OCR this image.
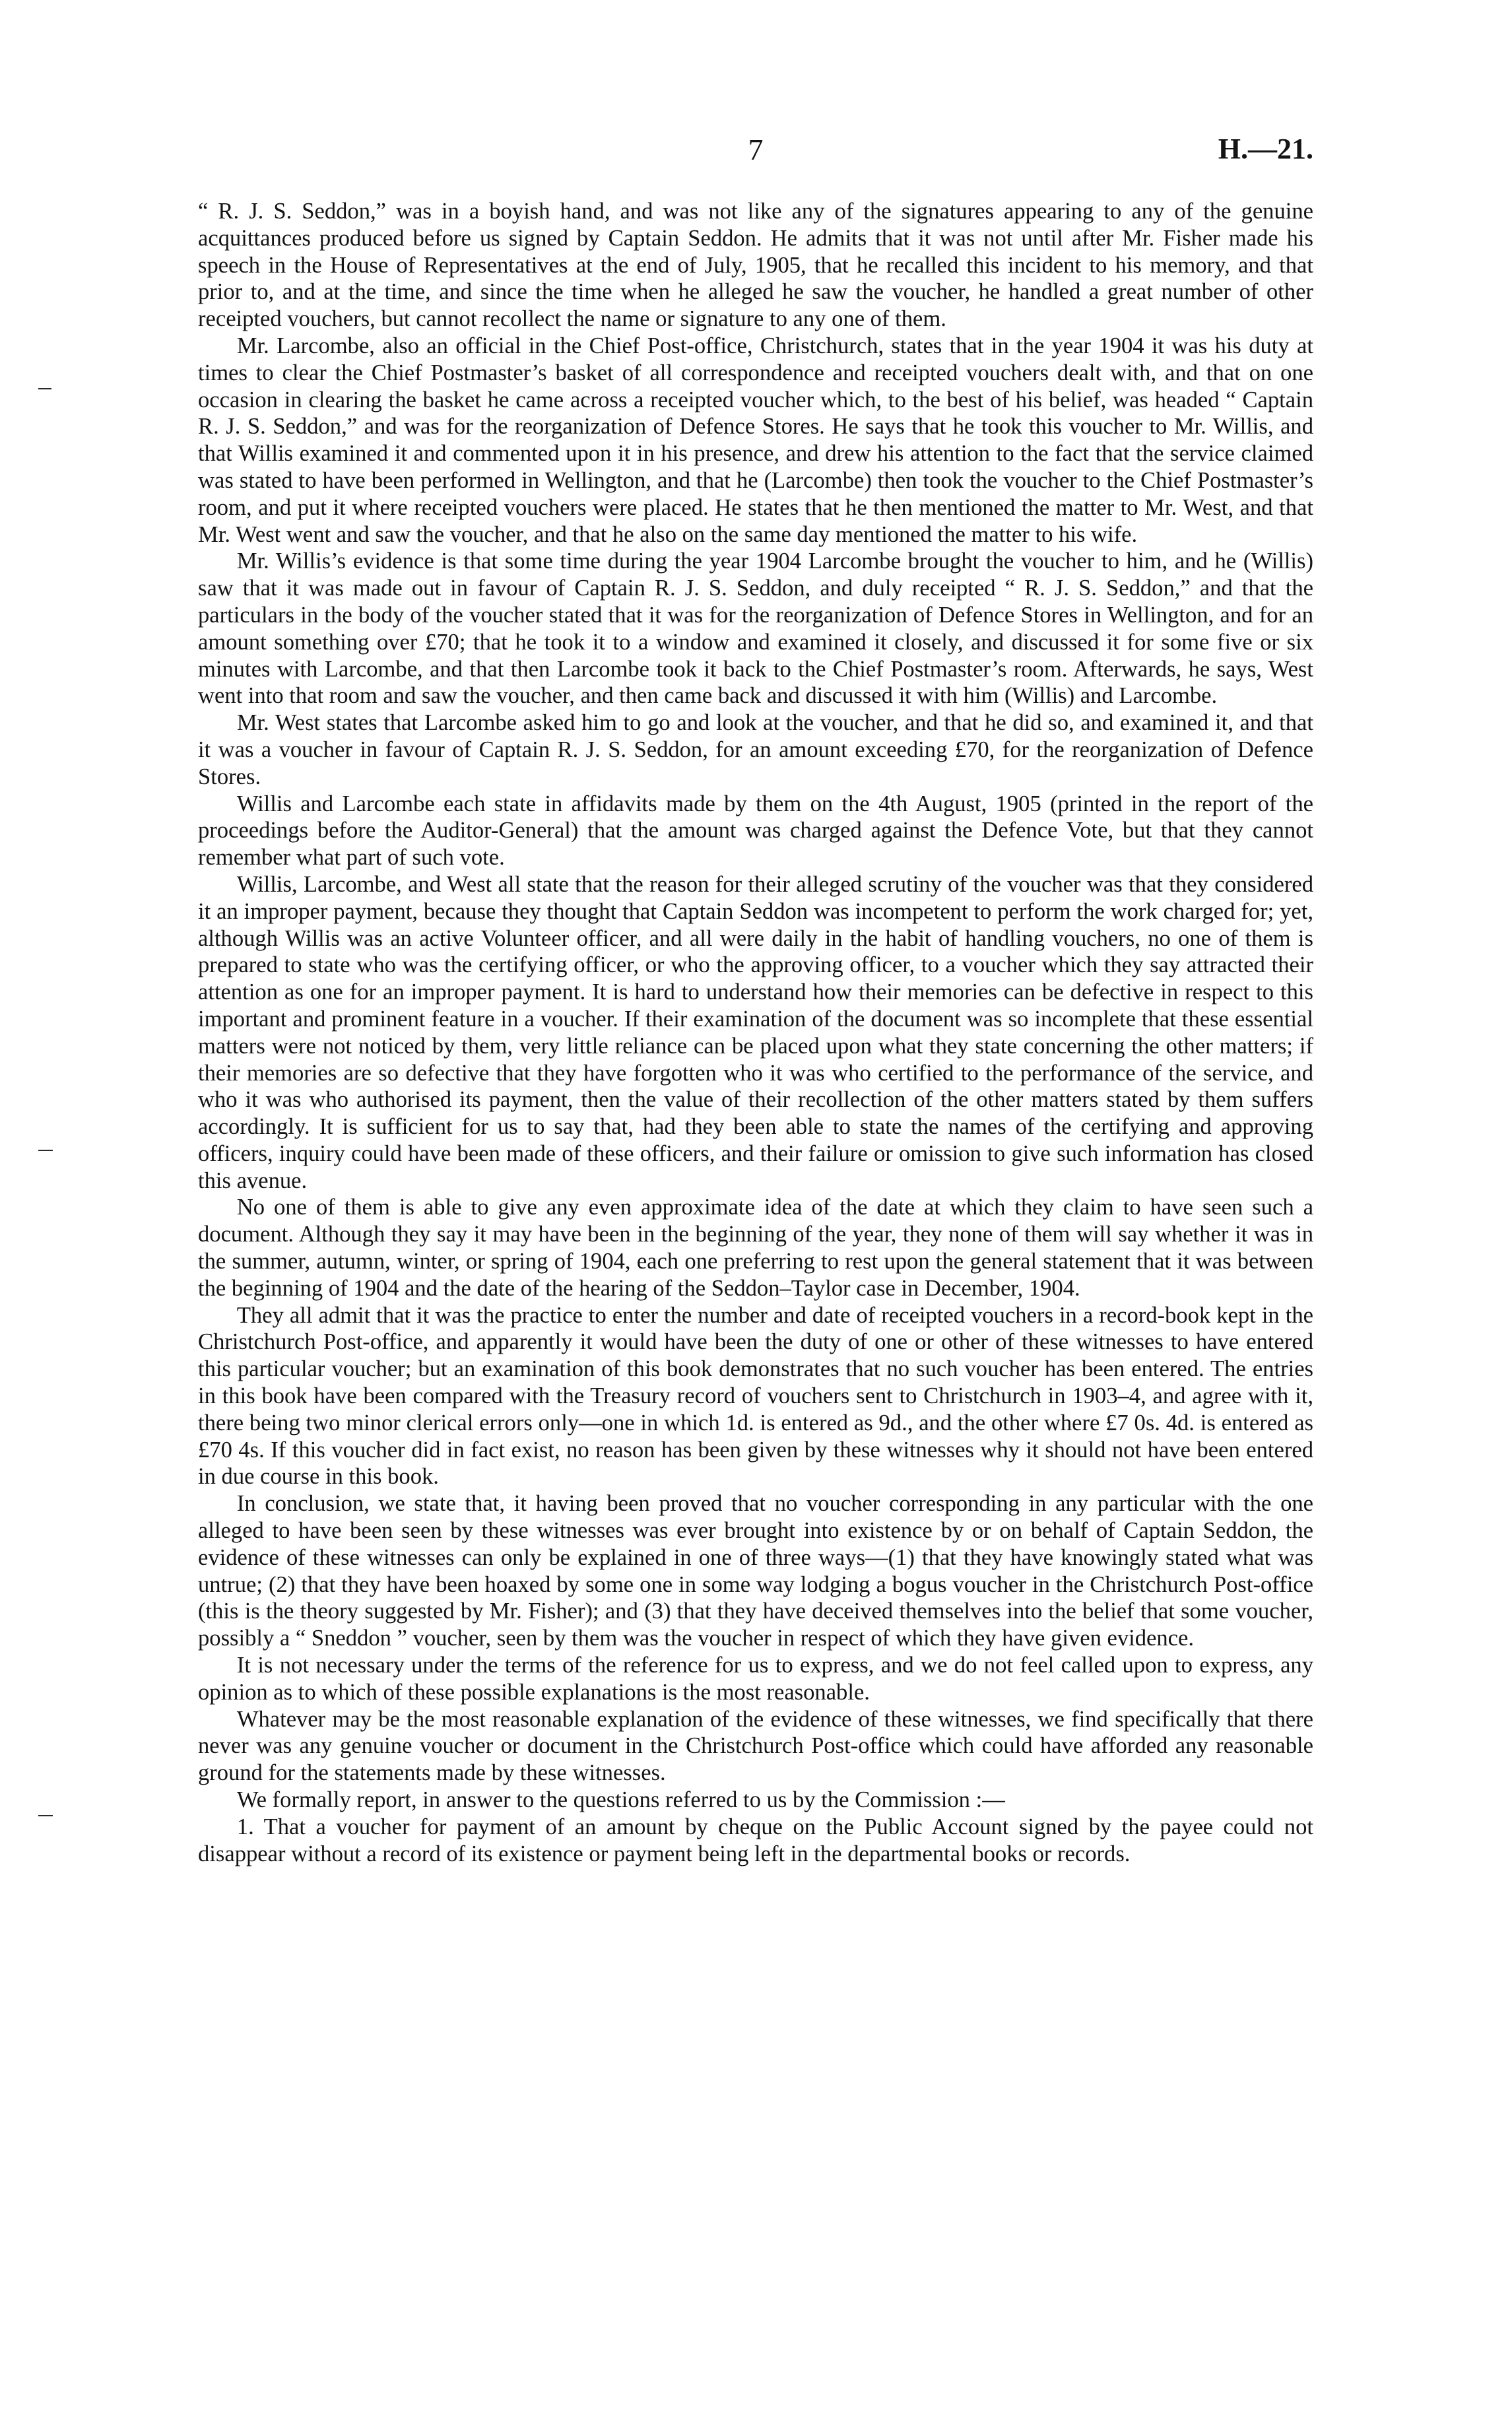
7	H.—21.

“ R. J. S. Seddon,” was in a boyish hand, and was not like any of the signatures appearing to any of the genuine acquittances produced before us signed by Captain Seddon. He admits that it was not until after Mr. Fisher made his speech in the House of Representatives at the end of July, 1905, that he recalled this incident to his memory, and that prior to, and at the time, and since the time when he alleged he saw the voucher, he handled a great number of other receipted vouchers, but cannot recollect the name or signature to any one of them.

Mr. Larcombe, also an official in the Chief Post-office, Christchurch, states that in the year 1904 it was his duty at times to clear the Chief Postmaster’s basket of all correspondence and receipted vouchers dealt with, and that on one occasion in clearing the basket he came across a receipted voucher which, to the best of his belief, was headed “ Captain R. J. S. Seddon,” and was for the reorganization of Defence Stores. He says that he took this voucher to Mr. Willis, and that Willis examined it and commented upon it in his presence, and drew his attention to the fact that the service claimed was stated to have been performed in Wellington, and that he (Larcombe) then took the voucher to the Chief Postmaster’s room, and put it where receipted vouchers were placed. He states that he then mentioned the matter to Mr. West, and that Mr. West went and saw the voucher, and that he also on the same day mentioned the matter to his wife.

Mr. Willis’s evidence is that some time during the year 1904 Larcombe brought the voucher to him, and he (Willis) saw that it was made out in favour of Captain R. J. S. Seddon, and duly receipted “ R. J. S. Seddon,” and that the particulars in the body of the voucher stated that it was for the reorganization of Defence Stores in Wellington, and for an amount something over £70; that he took it to a window and examined it closely, and discussed it for some five or six minutes with Larcombe, and that then Larcombe took it back to the Chief Postmaster’s room. Afterwards, he says, West went into that room and saw the voucher, and then came back and discussed it with him (Willis) and Larcombe.

Mr. West states that Larcombe asked him to go and look at the voucher, and that he did so, and examined it, and that it was a voucher in favour of Captain R. J. S. Seddon, for an amount exceeding £70, for the reorganization of Defence Stores.

Willis and Larcombe each state in affidavits made by them on the 4th August, 1905 (printed in the report of the proceedings before the Auditor-General) that the amount was charged against the Defence Vote, but that they cannot remember what part of such vote.

Willis, Larcombe, and West all state that the reason for their alleged scrutiny of the voucher was that they considered it an improper payment, because they thought that Captain Seddon was incompetent to perform the work charged for; yet, although Willis was an active Volunteer officer, and all were daily in the habit of handling vouchers, no one of them is prepared to state who was the certifying officer, or who the approving officer, to a voucher which they say attracted their attention as one for an improper payment. It is hard to understand how their memories can be defective in respect to this important and prominent feature in a voucher. If their examination of the document was so incomplete that these essential matters were not noticed by them, very little reliance can be placed upon what they state concerning the other matters; if their memories are so defective that they have forgotten who it was who certified to the performance of the service, and who it was who authorised its payment, then the value of their recollection of the other matters stated by them suffers accordingly. It is sufficient for us to say that, had they been able to state the names of the certifying and approving officers, inquiry could have been made of these officers, and their failure or omission to give such information has closed this avenue.

No one of them is able to give any even approximate idea of the date at which they claim to have seen such a document. Although they say it may have been in the beginning of the year, they none of them will say whether it was in the summer, autumn, winter, or spring of 1904, each one preferring to rest upon the general statement that it was between the beginning of 1904 and the date of the hearing of the Seddon–Taylor case in December, 1904.

They all admit that it was the practice to enter the number and date of receipted vouchers in a record-book kept in the Christchurch Post-office, and apparently it would have been the duty of one or other of these witnesses to have entered this particular voucher; but an examination of this book demonstrates that no such voucher has been entered. The entries in this book have been compared with the Treasury record of vouchers sent to Christchurch in 1903–4, and agree with it, there being two minor clerical errors only—one in which 1d. is entered as 9d., and the other where £7 0s. 4d. is entered as £70 4s. If this voucher did in fact exist, no reason has been given by these witnesses why it should not have been entered in due course in this book.

In conclusion, we state that, it having been proved that no voucher corresponding in any particular with the one alleged to have been seen by these witnesses was ever brought into existence by or on behalf of Captain Seddon, the evidence of these witnesses can only be explained in one of three ways—(1) that they have knowingly stated what was untrue; (2) that they have been hoaxed by some one in some way lodging a bogus voucher in the Christchurch Post-office (this is the theory suggested by Mr. Fisher); and (3) that they have deceived themselves into the belief that some voucher, possibly a “ Sneddon ” voucher, seen by them was the voucher in respect of which they have given evidence.

It is not necessary under the terms of the reference for us to express, and we do not feel called upon to express, any opinion as to which of these possible explanations is the most reasonable.

Whatever may be the most reasonable explanation of the evidence of these witnesses, we find specifically that there never was any genuine voucher or document in the Christchurch Post-office which could have afforded any reasonable ground for the statements made by these witnesses.

We formally report, in answer to the questions referred to us by the Commission :—

1. That a voucher for payment of an amount by cheque on the Public Account signed by the payee could not disappear without a record of its existence or payment being left in the departmental books or records.
